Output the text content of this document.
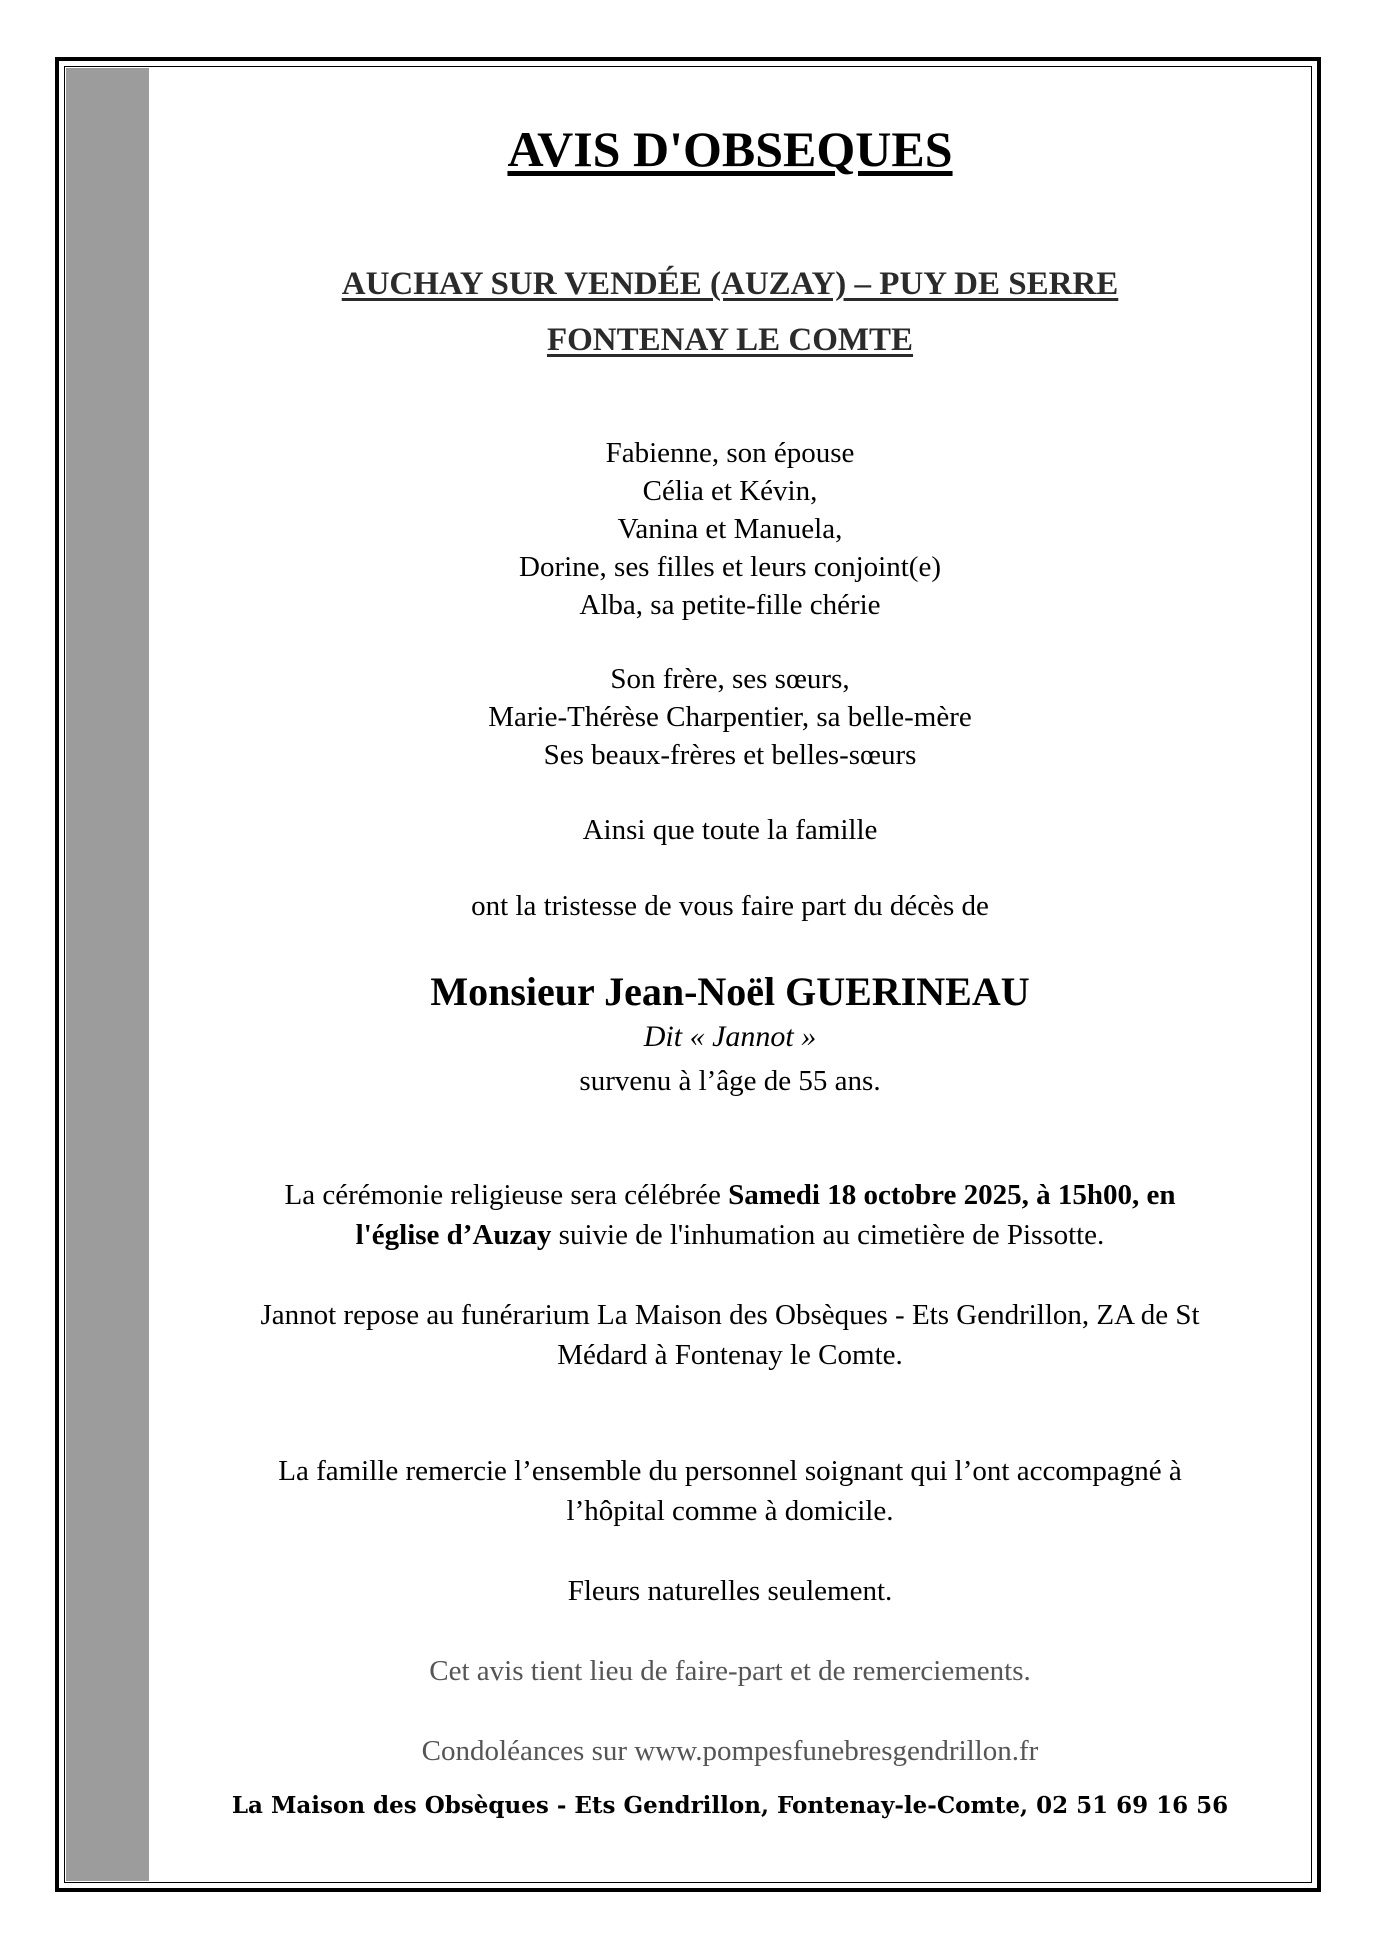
AVIS D'OBSEQUES
AUCHAY SUR VENDÉE (AUZAY) – PUY DE SERRE
FONTENAY LE COMTE
Fabienne, son épouse
Célia et Kévin,
Vanina et Manuela,
Dorine, ses filles et leurs conjoint(e)
Alba, sa petite-fille chérie
Son frère, ses sœurs,
Marie-Thérèse Charpentier, sa belle-mère
Ses beaux-frères et belles-sœurs
Ainsi que toute la famille
ont la tristesse de vous faire part du décès de
Monsieur Jean-Noël GUERINEAU
Dit « Jannot »
survenu à l’âge de 55 ans.
La cérémonie religieuse sera célébrée Samedi 18 octobre 2025, à 15h00, en
l'église d’Auzay suivie de l'inhumation au cimetière de Pissotte.
Jannot repose au funérarium La Maison des Obsèques - Ets Gendrillon, ZA de St
Médard à Fontenay le Comte.
La famille remercie l’ensemble du personnel soignant qui l’ont accompagné à
l’hôpital comme à domicile.
Fleurs naturelles seulement.
Cet avis tient lieu de faire-part et de remerciements.
Condoléances sur www.pompesfunebresgendrillon.fr
La Maison des Obsèques - Ets Gendrillon, Fontenay-le-Comte, 02 51 69 16 56
